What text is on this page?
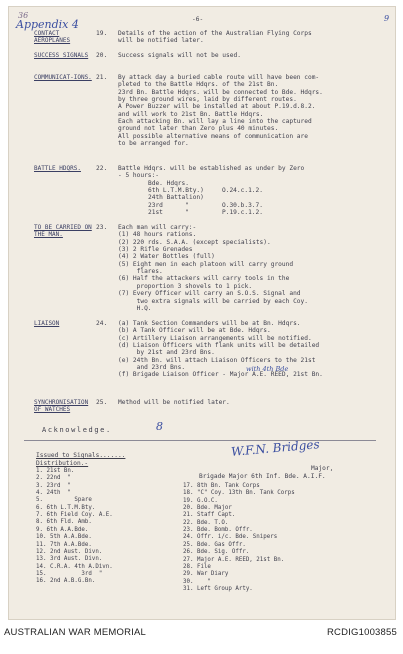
36
Appendix 4	-6-	9
CONTACT AEROPLANES
19. Details of the action of the Australian Flying Corps
will be notified later.
SUCCESS SIGNALS	20. Success signals will not be used.
COMMUNICAT-IONS. 21. By attack day a buried cable route will have been com-
pleted to the Battle Hdqrs. of the 21st Bn.
23rd Bn. Battle Hdqrs. will be connected to Bde. Hdqrs.
by three ground wires, laid by different routes.
A Power Buzzer will be installed at about P.19.d.8.2.
and will work to 21st Bn. Battle Hdqrs.
Each attacking Bn. will lay a line into the captured
ground not later than Zero plus 40 minutes.
All possible alternative means of communication are
to be arranged for.
BATTLE HDQRS.	22. Battle Hdqrs. will be established as under by Zero
- 5 hours:-
Bde. Hdqrs.
6th L.T.M.Bty.)	O.24.c.1.2.
24th Battalion)
23rd      "	O.30.b.3.7.
21st      "	P.19.c.1.2.
TO BE CARRIED ON THE MAN.
23. Each man will carry:-
(1) 48 hours rations.
(2) 220 rds. S.A.A. (except specialists).
(3) 2 Rifle Grenades
(4) 2 Water Bottles (full)
(5) Eight men in each platoon will carry ground
flares.
(6) Half the attackers will carry tools in the
proportion 3 shovels to 1 pick.
(7) Every Officer will carry an S.O.S. Signal and
two extra signals will be carried by each Coy.
H.Q.
LIAISON	24. (a) Tank Section Commanders will be at Bn. Hdqrs.
(b) A Tank Officer will be at Bde. Hdqrs.
(c) Artillery Liaison arrangements will be notified.
(d) Liaison Officers with flank units will be detailed
by 21st and 23rd Bns.
(e) 24th Bn. will attach Liaison Officers to the 21st
and 23rd Bns.
(f) Brigade Liaison Officer - Major A.E. REED, 21st Bn.
with 4th Bde
SYNCHRONISATION OF WATCHES
25. Method will be notified later.
Acknowledge.	8
W.F.N. Bridges
Major,
Brigade Major 6th Inf. Bde. A.I.F.
Issued to Signals.......
Distribution.-
1. 21st Bn.
2. 22nd  "
3. 23rd  "
4. 24th  "
5.         Spare
6. 6th L.T.M.Bty.
7. 6th Field Coy. A.E.
8. 6th Fld. Amb.
9. 6th A.A.Bde.
10. 5th A.A.Bde.
11. 7th A.A.Bde.
12. 2nd Aust. Divn.
13. 3rd Aust. Divn.
14. C.R.A. 4th A.Divn.
15.          3rd  "
16. 2nd A.B.G.Bn.
17. 8th Bn. Tank Corps
18. "C" Coy. 13th Bn. Tank Corps
19. G.O.C.
20. Bde. Major
21. Staff Capt.
22. Bde. T.O.
23. Bde. Bomb. Offr.
24. Offr. i/c. Bde. Snipers
25. Bde. Gas Offr.
26. Bde. Sig. Offr.
27. Major A.E. REED, 21st Bn.
28. File
29. War Diary
30.    "
31. Left Group Arty.
AUSTRALIAN WAR MEMORIAL	RCDIG1003855
